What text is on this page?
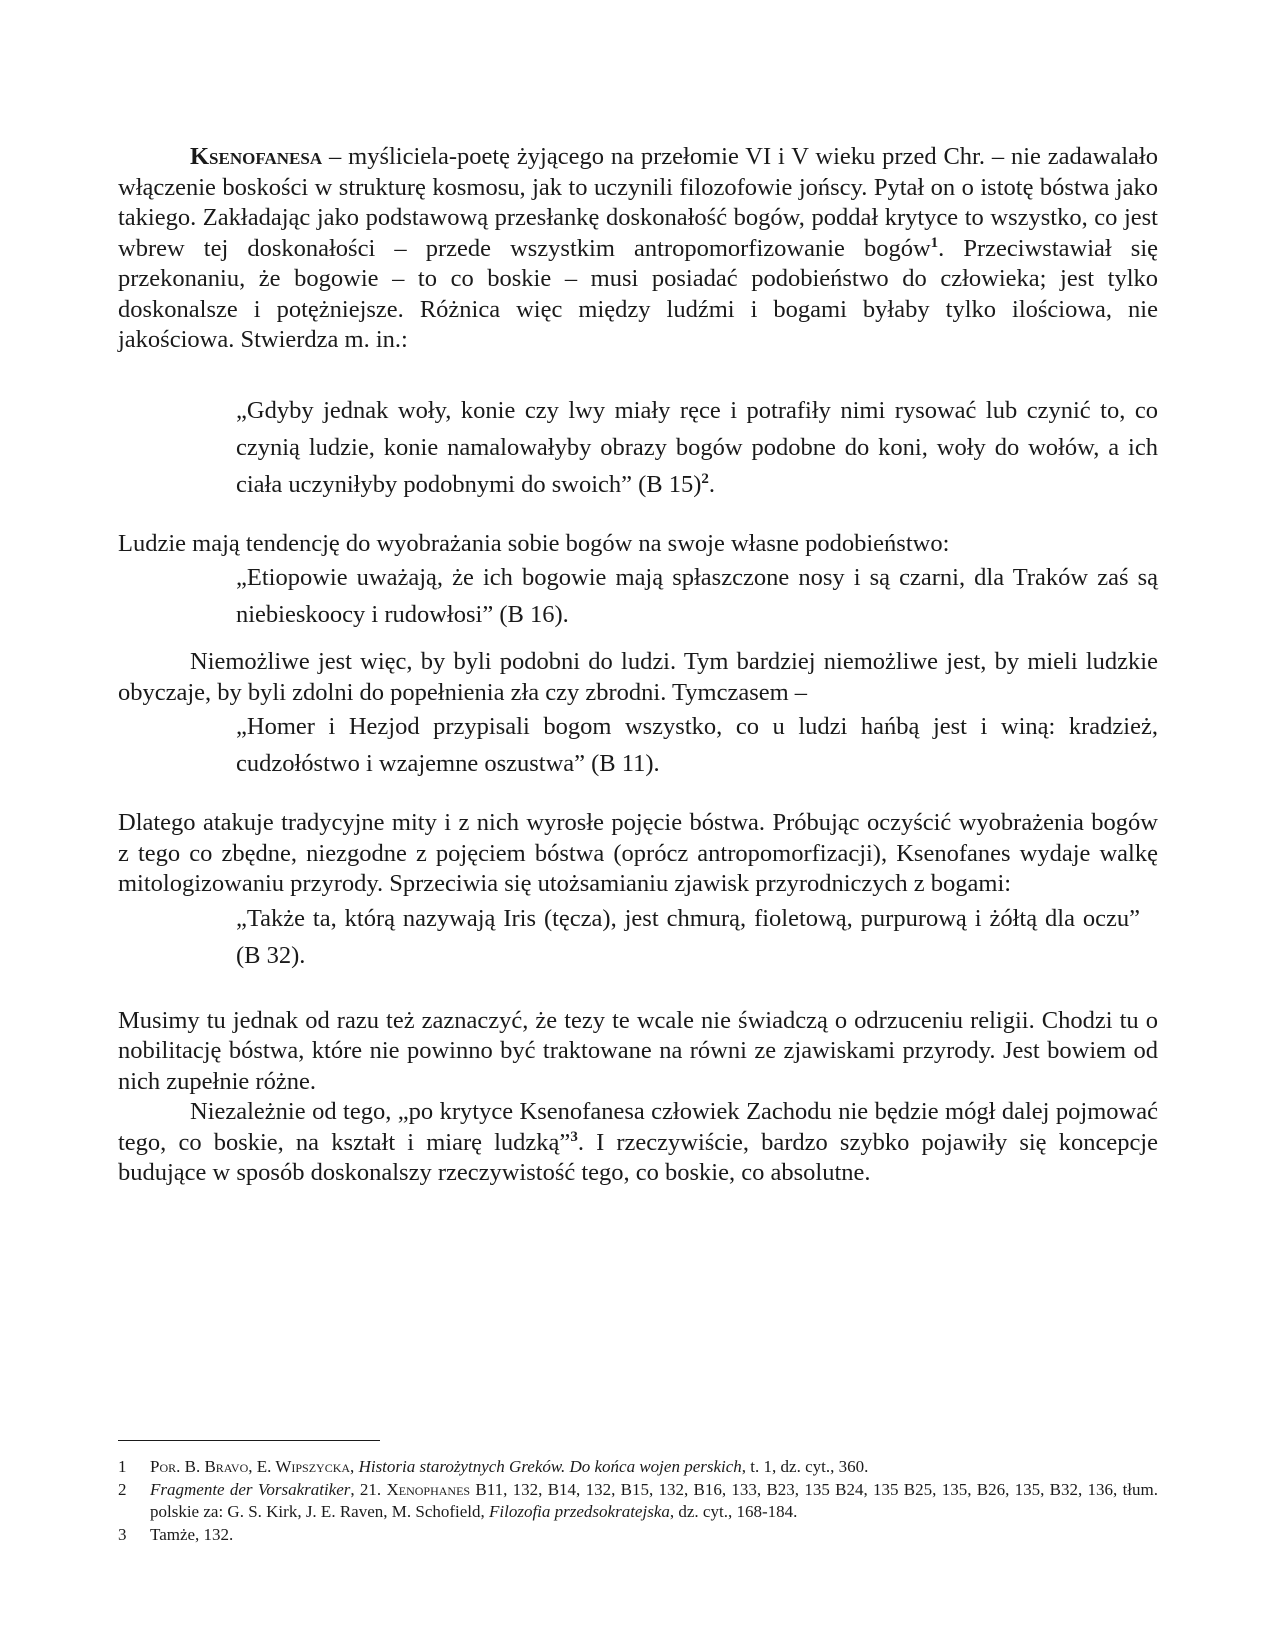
Ksenofanesa – myśliciela-poetę żyjącego na przełomie VI i V wieku przed Chr. – nie zadawalało włączenie boskości w strukturę kosmosu, jak to uczynili filozofowie jońscy. Pytał on o istotę bóstwa jako takiego. Zakładając jako podstawową przesłankę doskonałość bogów, poddał krytyce to wszystko, co jest wbrew tej doskonałości – przede wszystkim antropomorfizowanie bogów$^1$. Przeciwstawiał się przekonaniu, że bogowie – to co boskie – musi posiadać podobieństwo do człowieka; jest tylko doskonalsze i potężniejsze. Różnica więc między ludźmi i bogami byłaby tylko ilościowa, nie jakościowa. Stwierdza m. in.:

„Gdyby jednak woły, konie czy lwy miały ręce i potrafiły nimi rysować lub czynić to, co czynią ludzie, konie namalowałyby obrazy bogów podobne do koni, woły do wołów, a ich ciała uczyniłyby podobnymi do swoich” (B 15)$^2$.

Ludzie mają tendencję do wyobrażania sobie bogów na swoje własne podobieństwo:

„Etiopowie uważają, że ich bogowie mają spłaszczone nosy i są czarni, dla Traków zaś są niebieskoocy i rudowłosi” (B 16).

Niemożliwe jest więc, by byli podobni do ludzi. Tym bardziej niemożliwe jest, by mieli ludzkie obyczaje, by byli zdolni do popełnienia zła czy zbrodni. Tymczasem –

„Homer i Hezjod przypisali bogom wszystko, co u ludzi hańbą jest i winą: kradzież, cudzołóstwo i wzajemne oszustwa” (B 11).

Dlatego atakuje tradycyjne mity i z nich wyrosłe pojęcie bóstwa. Próbując oczyścić wyobrażenia bogów z tego co zbędne, niezgodne z pojęciem bóstwa (oprócz antropomorfizacji), Ksenofanes wydaje walkę mitologizowaniu przyrody. Sprzeciwia się utożsamianiu zjawisk przyrodniczych z bogami:

„Także ta, którą nazywają Iris (tęcza), jest chmurą, fioletową, purpurową i żółtą dla oczu” (B 32).

Musimy tu jednak od razu też zaznaczyć, że tezy te wcale nie świadczą o odrzuceniu religii. Chodzi tu o nobilitację bóstwa, które nie powinno być traktowane na równi ze zjawiskami przyrody. Jest bowiem od nich zupełnie różne.

Niezależnie od tego, „po krytyce Ksenofanesa człowiek Zachodu nie będzie mógł dalej pojmować tego, co boskie, na kształt i miarę ludzką”$^3$. I rzeczywiście, bardzo szybko pojawiły się koncepcje budujące w sposób doskonalszy rzeczywistość tego, co boskie, co absolutne.

1	Por. B. Bravo, E. Wipszycka, Historia starożytnych Greków. Do końca wojen perskich, t. 1, dz. cyt., 360.
2	Fragmente der Vorsakratiker, 21. Xenophanes B11, 132, B14, 132, B15, 132, B16, 133, B23, 135 B24, 135 B25, 135, B26, 135, B32, 136, tłum. polskie za: G. S. Kirk, J. E. Raven, M. Schofield, Filozofia przedsokratejska, dz. cyt., 168-184.
3	Tamże, 132.
